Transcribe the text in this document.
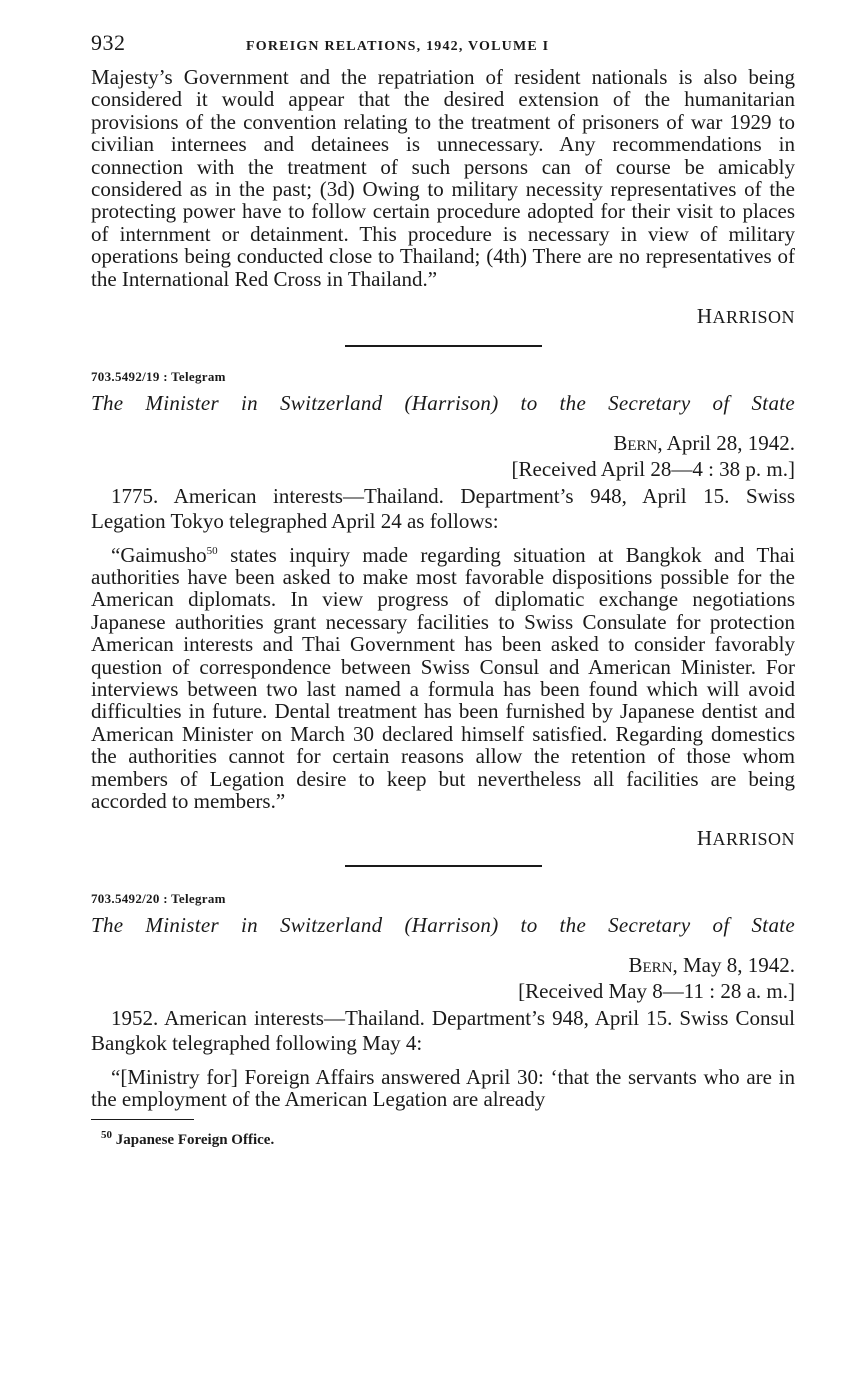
932	FOREIGN RELATIONS, 1942, VOLUME I

Majesty’s Government and the repatriation of resident nationals is also being considered it would appear that the desired extension of the humanitarian provisions of the convention relating to the treatment of prisoners of war 1929 to civilian internees and detainees is unnecessary. Any recommendations in connection with the treatment of such persons can of course be amicably considered as in the past; (3d) Owing to military necessity representatives of the protecting power have to follow certain procedure adopted for their visit to places of internment or detainment. This procedure is necessary in view of military operations being conducted close to Thailand; (4th) There are no representatives of the International Red Cross in Thailand.”

HARRISON

703.5492/19 : Telegram

The Minister in Switzerland (Harrison) to the Secretary of State

Bern, April 28, 1942.

[Received April 28—4 : 38 p. m.]

1775. American interests—Thailand. Department’s 948, April 15. Swiss Legation Tokyo telegraphed April 24 as follows:

“Gaimusho$^{50}$ states inquiry made regarding situation at Bangkok and Thai authorities have been asked to make most favorable dispositions possible for the American diplomats. In view progress of diplomatic exchange negotiations Japanese authorities grant necessary facilities to Swiss Consulate for protection American interests and Thai Government has been asked to consider favorably question of correspondence between Swiss Consul and American Minister. For interviews between two last named a formula has been found which will avoid difficulties in future. Dental treatment has been furnished by Japanese dentist and American Minister on March 30 declared himself satisfied. Regarding domestics the authorities cannot for certain reasons allow the retention of those whom members of Legation desire to keep but nevertheless all facilities are being accorded to members.”

HARRISON

703.5492/20 : Telegram

The Minister in Switzerland (Harrison) to the Secretary of State

Bern, May 8, 1942.

[Received May 8—11 : 28 a. m.]

1952. American interests—Thailand. Department’s 948, April 15. Swiss Consul Bangkok telegraphed following May 4:

“[Ministry for] Foreign Affairs answered April 30: ‘that the servants who are in the employment of the American Legation are already

$^{50}$ Japanese Foreign Office.
